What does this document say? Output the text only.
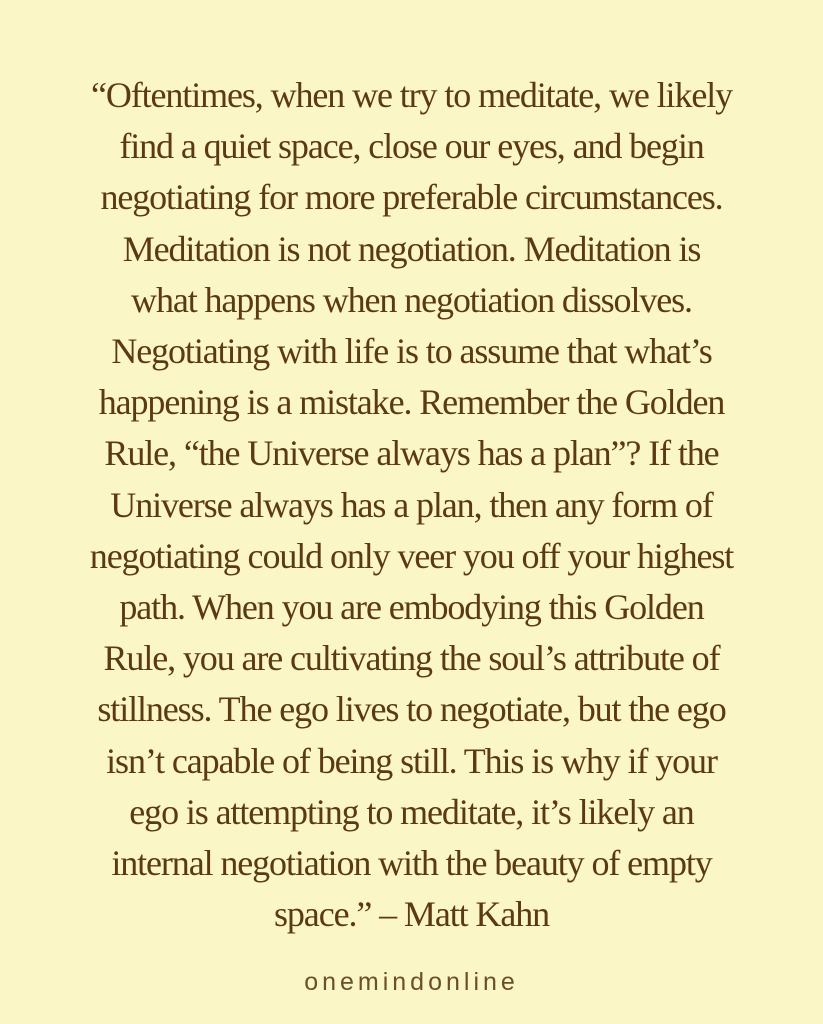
“Oftentimes, when we try to meditate, we likely
find a quiet space, close our eyes, and begin
negotiating for more preferable circumstances.
Meditation is not negotiation. Meditation is
what happens when negotiation dissolves.
Negotiating with life is to assume that what’s
happening is a mistake. Remember the Golden
Rule, “the Universe always has a plan”? If the
Universe always has a plan, then any form of
negotiating could only veer you off your highest
path. When you are embodying this Golden
Rule, you are cultivating the soul’s attribute of
stillness. The ego lives to negotiate, but the ego
isn’t capable of being still. This is why if your
ego is attempting to meditate, it’s likely an
internal negotiation with the beauty of empty
space.” – Matt Kahn

onemindonline
